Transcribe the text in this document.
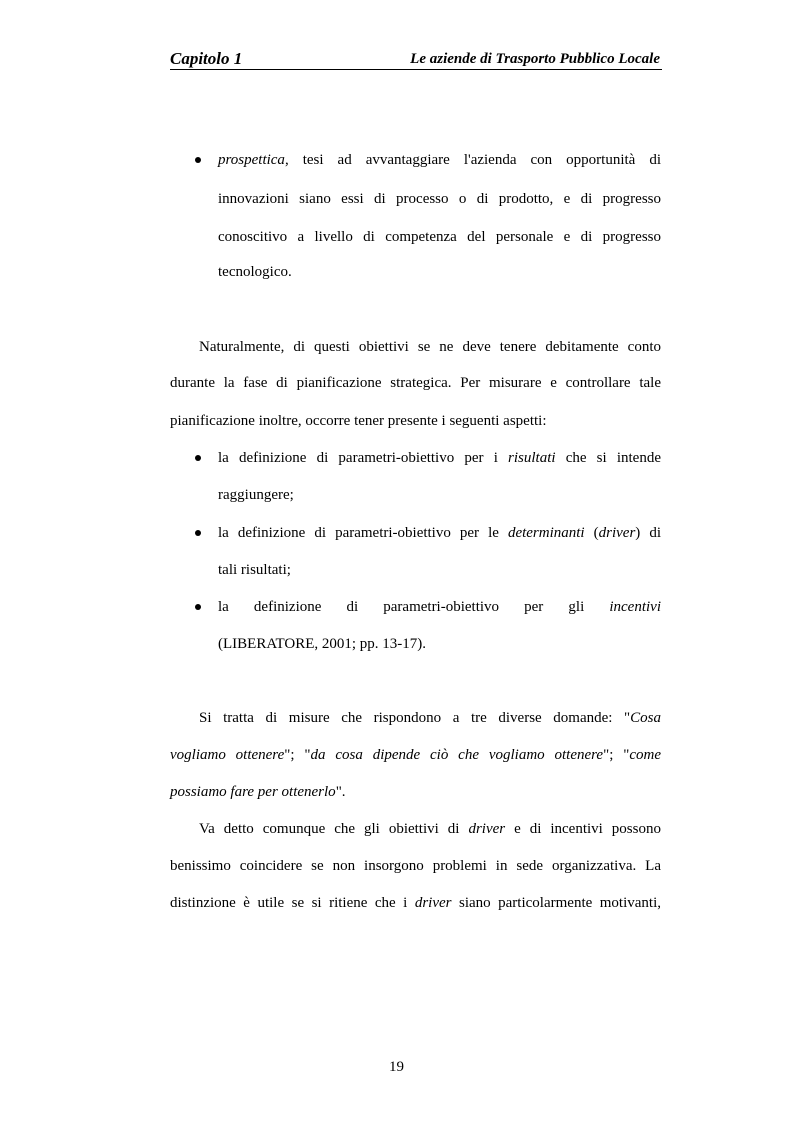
Capitolo 1	Le aziende di Trasporto Pubblico Locale
prospettica, tesi ad avvantaggiare l'azienda con opportunità di
innovazioni siano essi di processo o di prodotto, e di progresso
conoscitivo a livello di competenza del personale e di progresso
tecnologico.
Naturalmente, di questi obiettivi se ne deve tenere debitamente conto
durante la fase di pianificazione strategica. Per misurare e controllare tale
pianificazione inoltre, occorre tener presente i seguenti aspetti:
la definizione di parametri-obiettivo per i risultati che si intende
raggiungere;
la definizione di parametri-obiettivo per le determinanti (driver) di
tali risultati;
la definizione di parametri-obiettivo per gli incentivi
(LIBERATORE, 2001; pp. 13-17).
Si tratta di misure che rispondono a tre diverse domande: "Cosa
vogliamo ottenere"; "da cosa dipende ciò che vogliamo ottenere"; "come
possiamo fare per ottenerlo".
Va detto comunque che gli obiettivi di driver e di incentivi possono
benissimo coincidere se non insorgono problemi in sede organizzativa. La
distinzione è utile se si ritiene che i driver siano particolarmente motivanti,
19
